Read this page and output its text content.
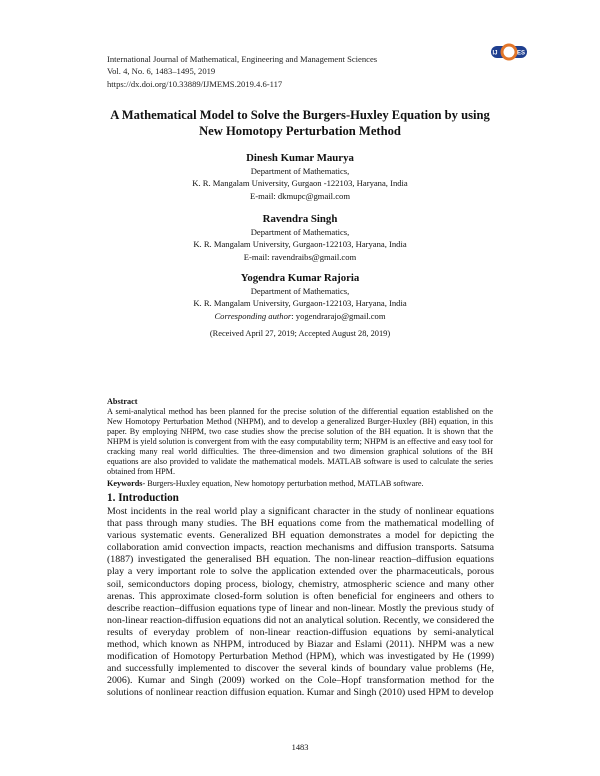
International Journal of Mathematical, Engineering and Management Sciences
Vol. 4, No. 6, 1483–1495, 2019
https://dx.doi.org/10.33889/IJMEMS.2019.4.6-117
IJ	ES
A Mathematical Model to Solve the Burgers-Huxley Equation by using
New Homotopy Perturbation Method
Dinesh Kumar Maurya
Department of Mathematics,
K. R. Mangalam University, Gurgaon -122103, Haryana, India
E-mail: dkmupc@gmail.com
Ravendra Singh
Department of Mathematics,
K. R. Mangalam University, Gurgaon-122103, Haryana, India
E-mail: ravendraibs@gmail.com
Yogendra Kumar Rajoria
Department of Mathematics,
K. R. Mangalam University, Gurgaon-122103, Haryana, India
Corresponding author: yogendrarajo@gmail.com
(Received April 27, 2019; Accepted August 28, 2019)
Abstract

A semi-analytical method has been planned for the precise solution of the differential equation established on the New Homotopy Perturbation Method (NHPM), and to develop a generalized Burger-Huxley (BH) equation, in this paper. By employing NHPM, two case studies show the precise solution of the BH equation. It is shown that the NHPM is yield solution is convergent from with the easy computability term; NHPM is an effective and easy tool for cracking many real world difficulties. The three-dimension and two dimension graphical solutions of the BH equations are also provided to validate the mathematical models. MATLAB software is used to calculate the series obtained from HPM.

Keywords- Burgers-Huxley equation, New homotopy perturbation method, MATLAB software.
1. Introduction

Most incidents in the real world play a significant character in the study of nonlinear equations that pass through many studies. The BH equations come from the mathematical modelling of various systematic events. Generalized BH equation demonstrates a model for depicting the collaboration amid convection impacts, reaction mechanisms and diffusion transports. Satsuma (1887) investigated the generalised BH equation. The non-linear reaction–diffusion equations play a very important role to solve the application extended over the pharmaceuticals, porous soil, semiconductors doping process, biology, chemistry, atmospheric science and many other arenas. This approximate closed-form solution is often beneficial for engineers and others to describe reaction–diffusion equations type of linear and non-linear. Mostly the previous study of non-linear reaction-diffusion equations did not an analytical solution. Recently, we considered the results of everyday problem of non-linear reaction-diffusion equations by semi-analytical method, which known as NHPM, introduced by Biazar and Eslami (2011). NHPM was a new modification of Homotopy Perturbation Method (HPM), which was investigated by He (1999) and successfully implemented to discover the several kinds of boundary value problems (He, 2006). Kumar and Singh (2009) worked on the Cole–Hopf transformation method for the solutions of nonlinear reaction diffusion equation. Kumar and Singh (2010) used HPM to develop

1483
